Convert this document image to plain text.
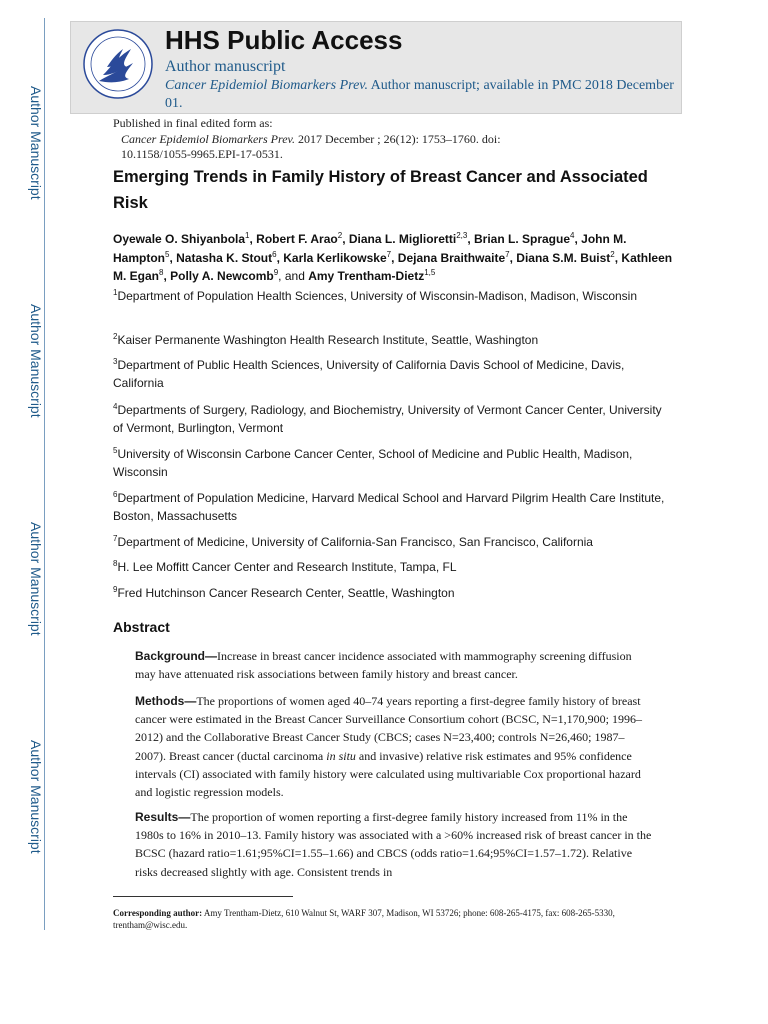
Author Manuscript
Author Manuscript
Author Manuscript
Author Manuscript
HHS Public Access
Author manuscript
Cancer Epidemiol Biomarkers Prev. Author manuscript; available in PMC 2018 December 01.
Published in final edited form as:
Cancer Epidemiol Biomarkers Prev. 2017 December ; 26(12): 1753–1760. doi:
10.1158/1055-9965.EPI-17-0531.
Emerging Trends in Family History of Breast Cancer and Associated Risk
Oyewale O. Shiyanbola$^1$, Robert F. Arao$^2$, Diana L. Miglioretti$^{2,3}$, Brian L. Sprague$^4$, John M. Hampton$^5$, Natasha K. Stout$^6$, Karla Kerlikowske$^7$, Dejana Braithwaite$^7$, Diana S.M. Buist$^2$, Kathleen M. Egan$^8$, Polly A. Newcomb$^9$, and Amy Trentham-Dietz$^{1,5}$
$^1$Department of Population Health Sciences, University of Wisconsin-Madison, Madison, Wisconsin
$^2$Kaiser Permanente Washington Health Research Institute, Seattle, Washington
$^3$Department of Public Health Sciences, University of California Davis School of Medicine, Davis, California
$^4$Departments of Surgery, Radiology, and Biochemistry, University of Vermont Cancer Center, University of Vermont, Burlington, Vermont
$^5$University of Wisconsin Carbone Cancer Center, School of Medicine and Public Health, Madison, Wisconsin
$^6$Department of Population Medicine, Harvard Medical School and Harvard Pilgrim Health Care Institute, Boston, Massachusetts
$^7$Department of Medicine, University of California-San Francisco, San Francisco, California
$^8$H. Lee Moffitt Cancer Center and Research Institute, Tampa, FL
$^9$Fred Hutchinson Cancer Research Center, Seattle, Washington
Abstract
Background—Increase in breast cancer incidence associated with mammography screening diffusion may have attenuated risk associations between family history and breast cancer.
Methods—The proportions of women aged 40–74 years reporting a first-degree family history of breast cancer were estimated in the Breast Cancer Surveillance Consortium cohort (BCSC, N=1,170,900; 1996–2012) and the Collaborative Breast Cancer Study (CBCS; cases N=23,400; controls N=26,460; 1987–2007). Breast cancer (ductal carcinoma in situ and invasive) relative risk estimates and 95% confidence intervals (CI) associated with family history were calculated using multivariable Cox proportional hazard and logistic regression models.
Results—The proportion of women reporting a first-degree family history increased from 11% in the 1980s to 16% in 2010–13. Family history was associated with a >60% increased risk of breast cancer in the BCSC (hazard ratio=1.61;95%CI=1.55–1.66) and CBCS (odds ratio=1.64;95%CI=1.57–1.72). Relative risks decreased slightly with age. Consistent trends in
Corresponding author: Amy Trentham-Dietz, 610 Walnut St, WARF 307, Madison, WI 53726; phone: 608-265-4175, fax: 608-265-5330, trentham@wisc.edu.
